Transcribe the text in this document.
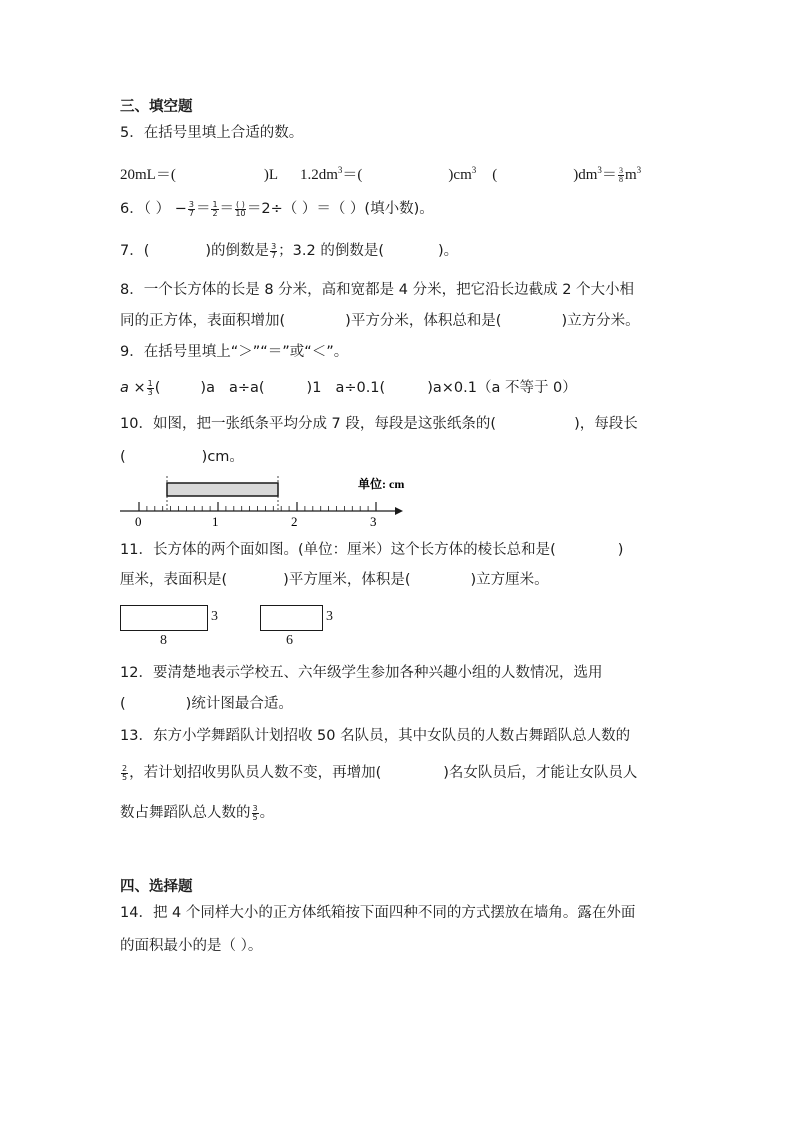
三、填空题
5．在括号里填上合适的数。
20mL＝(	)L $1.2dm^3=$(	)$cm^3$ (	)$dm^3= \frac{3}{8} m^3$
6．（ ） − $\frac{3}{7} = \frac{1}{2} = \frac{( )}{10} =2\div$（ ）＝（ ）(填小数)。
7．(	)的倒数是 $\frac{3}{7}$ ；3.2 的倒数是(	)。
8．一个长方体的长是 8 分米，高和宽都是 4 分米，把它沿长边截成 2 个大小相
同的正方体，表面积增加(	)平方分米，体积总和是(	)立方分米。
9．在括号里填上“＞”“＝”或“＜”。
$a \times \frac{1}{3}$ (	)a a÷a(	)1 a÷0.1(	)a×0.1（a 不等于 0）
10．如图，把一张纸条平均分成 7 段，每段是这张纸条的(	)，每段长
(	)cm。
0	1	2	3
单位: cm
11．长方体的两个面如图。(单位：厘米）这个长方体的棱长总和是(	)
厘米，表面积是(	)平方厘米，体积是(	)立方厘米。
3
8
3
6
12．要清楚地表示学校五、六年级学生参加各种兴趣小组的人数情况，选用
(	)统计图最合适。
13．东方小学舞蹈队计划招收 50 名队员，其中女队员的人数占舞蹈队总人数的
$\frac{2}{5}$ ，若计划招收男队员人数不变，再增加(	)名女队员后，才能让女队员人
数占舞蹈队总人数的 $\frac{3}{5}$ 。
四、选择题
14．把 4 个同样大小的正方体纸箱按下面四种不同的方式摆放在墙角。露在外面
的面积最小的是（ ）。
